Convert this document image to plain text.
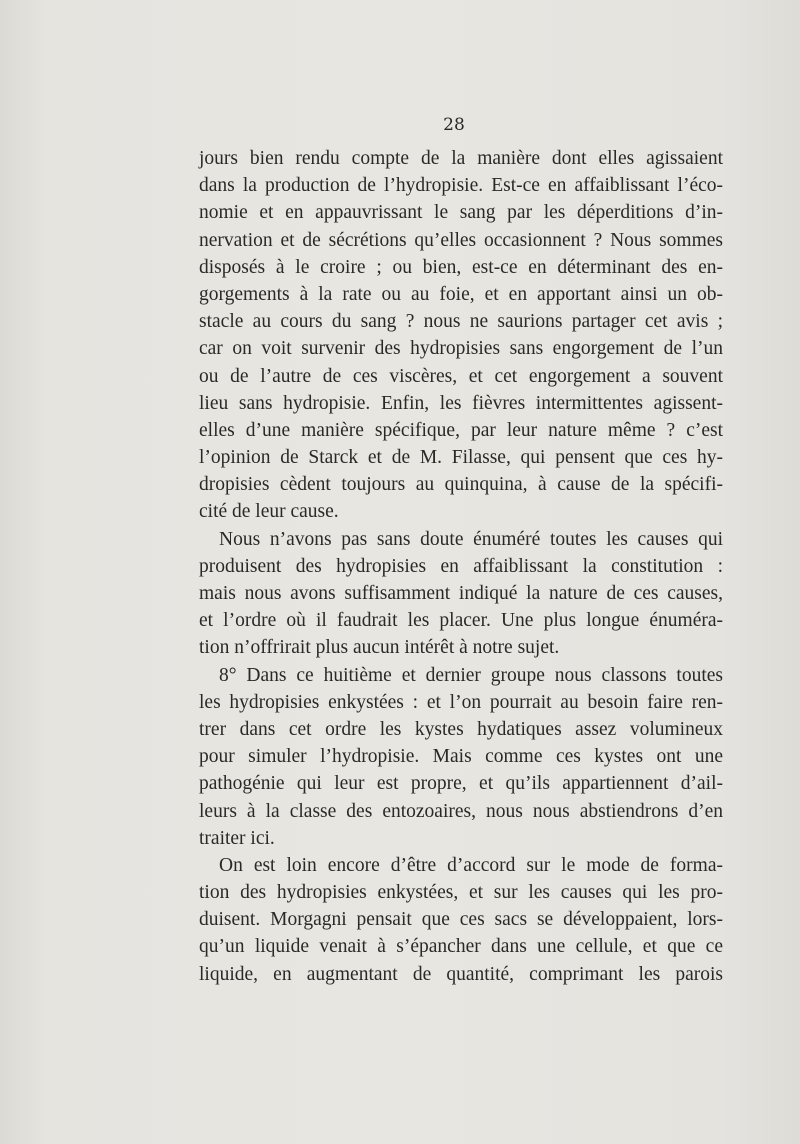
28
jours bien rendu compte de la manière dont elles agissaient
dans la production de l’hydropisie. Est-ce en affaiblissant l’éco-
nomie et en appauvrissant le sang par les déperditions d’in-
nervation et de sécrétions qu’elles occasionnent ? Nous sommes
disposés à le croire ; ou bien, est-ce en déterminant des en-
gorgements à la rate ou au foie, et en apportant ainsi un ob-
stacle au cours du sang ? nous ne saurions partager cet avis ;
car on voit survenir des hydropisies sans engorgement de l’un
ou de l’autre de ces viscères, et cet engorgement a souvent
lieu sans hydropisie. Enfin, les fièvres intermittentes agissent-
elles d’une manière spécifique, par leur nature même ? c’est
l’opinion de Starck et de M. Filasse, qui pensent que ces hy-
dropisies cèdent toujours au quinquina, à cause de la spécifi-
cité de leur cause.
Nous n’avons pas sans doute énuméré toutes les causes qui
produisent des hydropisies en affaiblissant la constitution :
mais nous avons suffisamment indiqué la nature de ces causes,
et l’ordre où il faudrait les placer. Une plus longue énuméra-
tion n’offrirait plus aucun intérêt à notre sujet.
8° Dans ce huitième et dernier groupe nous classons toutes
les hydropisies enkystées : et l’on pourrait au besoin faire ren-
trer dans cet ordre les kystes hydatiques assez volumineux
pour simuler l’hydropisie. Mais comme ces kystes ont une
pathogénie qui leur est propre, et qu’ils appartiennent d’ail-
leurs à la classe des entozoaires, nous nous abstiendrons d’en
traiter ici.
On est loin encore d’être d’accord sur le mode de forma-
tion des hydropisies enkystées, et sur les causes qui les pro-
duisent. Morgagni pensait que ces sacs se développaient, lors-
qu’un liquide venait à s’épancher dans une cellule, et que ce
liquide, en augmentant de quantité, comprimant les parois
